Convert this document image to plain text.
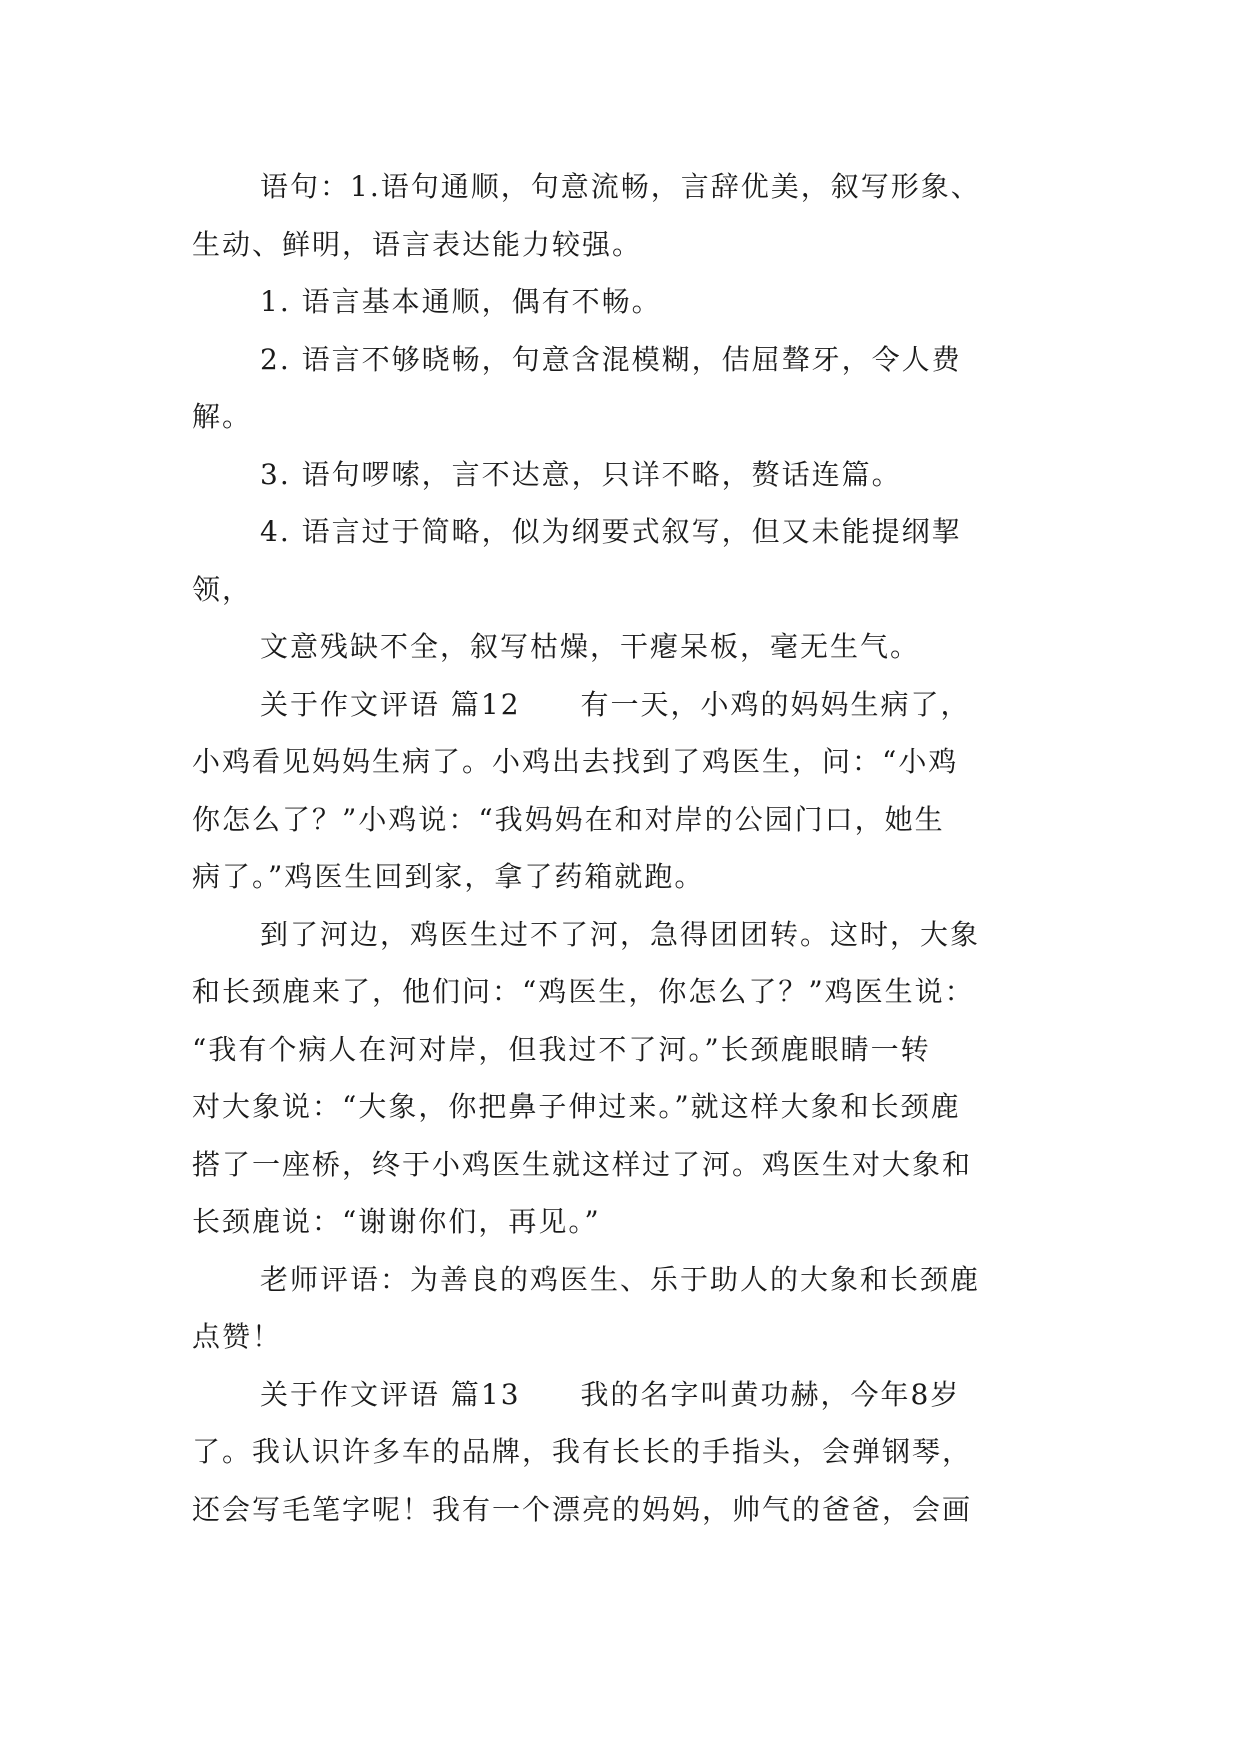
语句：1.语句通顺，句意流畅，言辞优美，叙写形象、
生动、鲜明，语言表达能力较强。
1. 语言基本通顺，偶有不畅。
2. 语言不够晓畅，句意含混模糊，佶屈聱牙，令人费
解。
3. 语句啰嗦，言不达意，只详不略，赘话连篇。
4. 语言过于简略，似为纲要式叙写，但又未能提纲挈
领，
文意残缺不全，叙写枯燥，干瘪呆板，毫无生气。
关于作文评语 篇12　　有一天，小鸡的妈妈生病了，
小鸡看见妈妈生病了。小鸡出去找到了鸡医生，问：“小鸡
你怎么了？”小鸡说：“我妈妈在和对岸的公园门口，她生
病了。”鸡医生回到家，拿了药箱就跑。
到了河边，鸡医生过不了河，急得团团转。这时，大象
和长颈鹿来了，他们问：“鸡医生，你怎么了？”鸡医生说：
“我有个病人在河对岸，但我过不了河。”长颈鹿眼睛一转
对大象说：“大象，你把鼻子伸过来。”就这样大象和长颈鹿
搭了一座桥，终于小鸡医生就这样过了河。鸡医生对大象和
长颈鹿说：“谢谢你们，再见。”
老师评语：为善良的鸡医生、乐于助人的大象和长颈鹿
点赞！
关于作文评语 篇13　　我的名字叫黄功赫，今年8岁
了。我认识许多车的品牌，我有长长的手指头，会弹钢琴，
还会写毛笔字呢！我有一个漂亮的妈妈，帅气的爸爸，会画
